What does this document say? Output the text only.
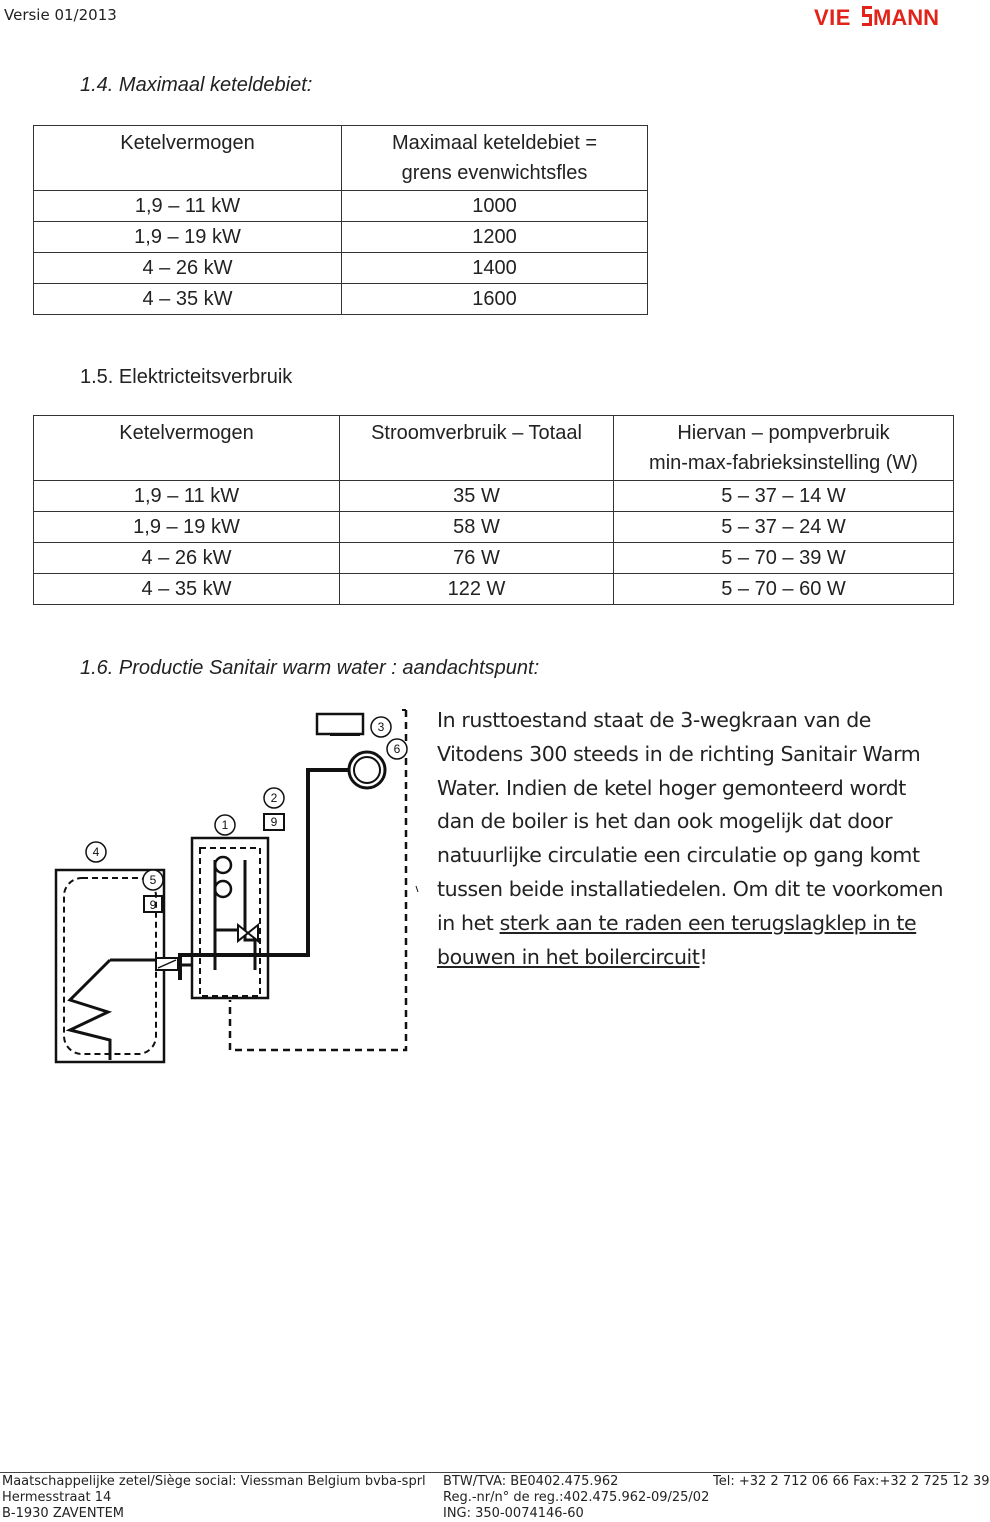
Versie 01/2013	VIE MANN
1.4. Maximaal keteldebiet:
Ketelvermogen	Maximaal keteldebiet =
grens evenwichtsfles

1,9 – 11 kW	1000
1,9 – 19 kW	1200
4 – 26 kW	1400
4 – 35 kW	1600
1.5. Elektricteitsverbruik
Ketelvermogen	Stroomverbruik – Totaal	Hiervan – pompverbruik
min-max-fabrieksinstelling (W)

1,9 – 11 kW	35 W	5 – 37 – 14 W
1,9 – 19 kW	58 W	5 – 37 – 24 W
4 – 26 kW	76 W	5 – 70 – 39 W
4 – 35 kW	122 W	5 – 70 – 60 W
1.6. Productie Sanitair warm water : aandachtspunt:
3
6
2
9
1
4
5
9
In rusttoestand staat de 3-wegkraan van de Vitodens 300 steeds in de richting Sanitair Warm Water. Indien de ketel hoger gemonteerd wordt dan de boiler is het dan ook mogelijk dat door natuurlijke circulatie een circulatie op gang komt tussen beide installatiedelen. Om dit te voorkomen in het sterk aan te raden een terugslagklep in te bouwen in het boilercircuit!
Maatschappelijke zetel/Siège social: Viessman Belgium bvba-sprl
Hermesstraat 14
B-1930 ZAVENTEM
BTW/TVA: BE0402.475.962
Reg.-nr/n° de reg.:402.475.962-09/25/02
ING: 350-0074146-60
Tel: +32 2 712 06 66 Fax:+32 2 725 12 39
